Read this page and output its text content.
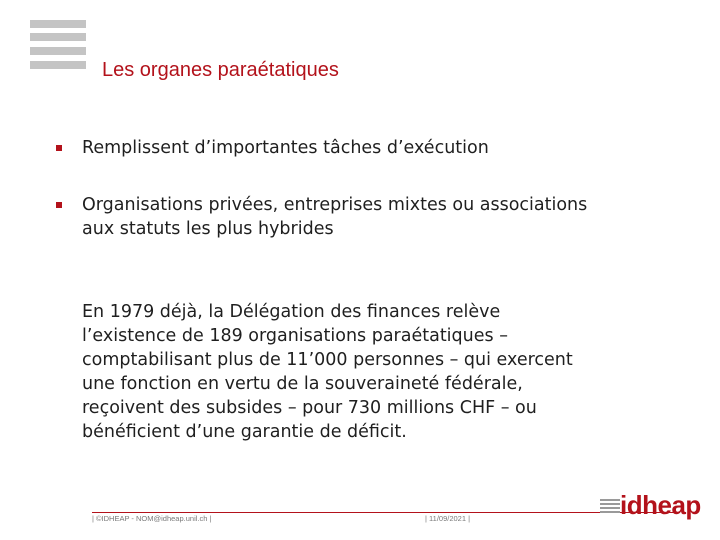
Les organes paraétatiques
Remplissent d’importantes tâches d’exécution
Organisations privées, entreprises mixtes ou associations
aux statuts les plus hybrides
En 1979 déjà, la Délégation des finances relève
l’existence de 189 organisations paraétatiques –
comptabilisant plus de 11’000 personnes – qui exercent
une fonction en vertu de la souveraineté fédérale,
reçoivent des subsides – pour 730 millions CHF – ou
bénéficient d’une garantie de déficit.
| ©IDHEAP - NOM@idheap.unil.ch |	| 11/09/2021 |	idheap
